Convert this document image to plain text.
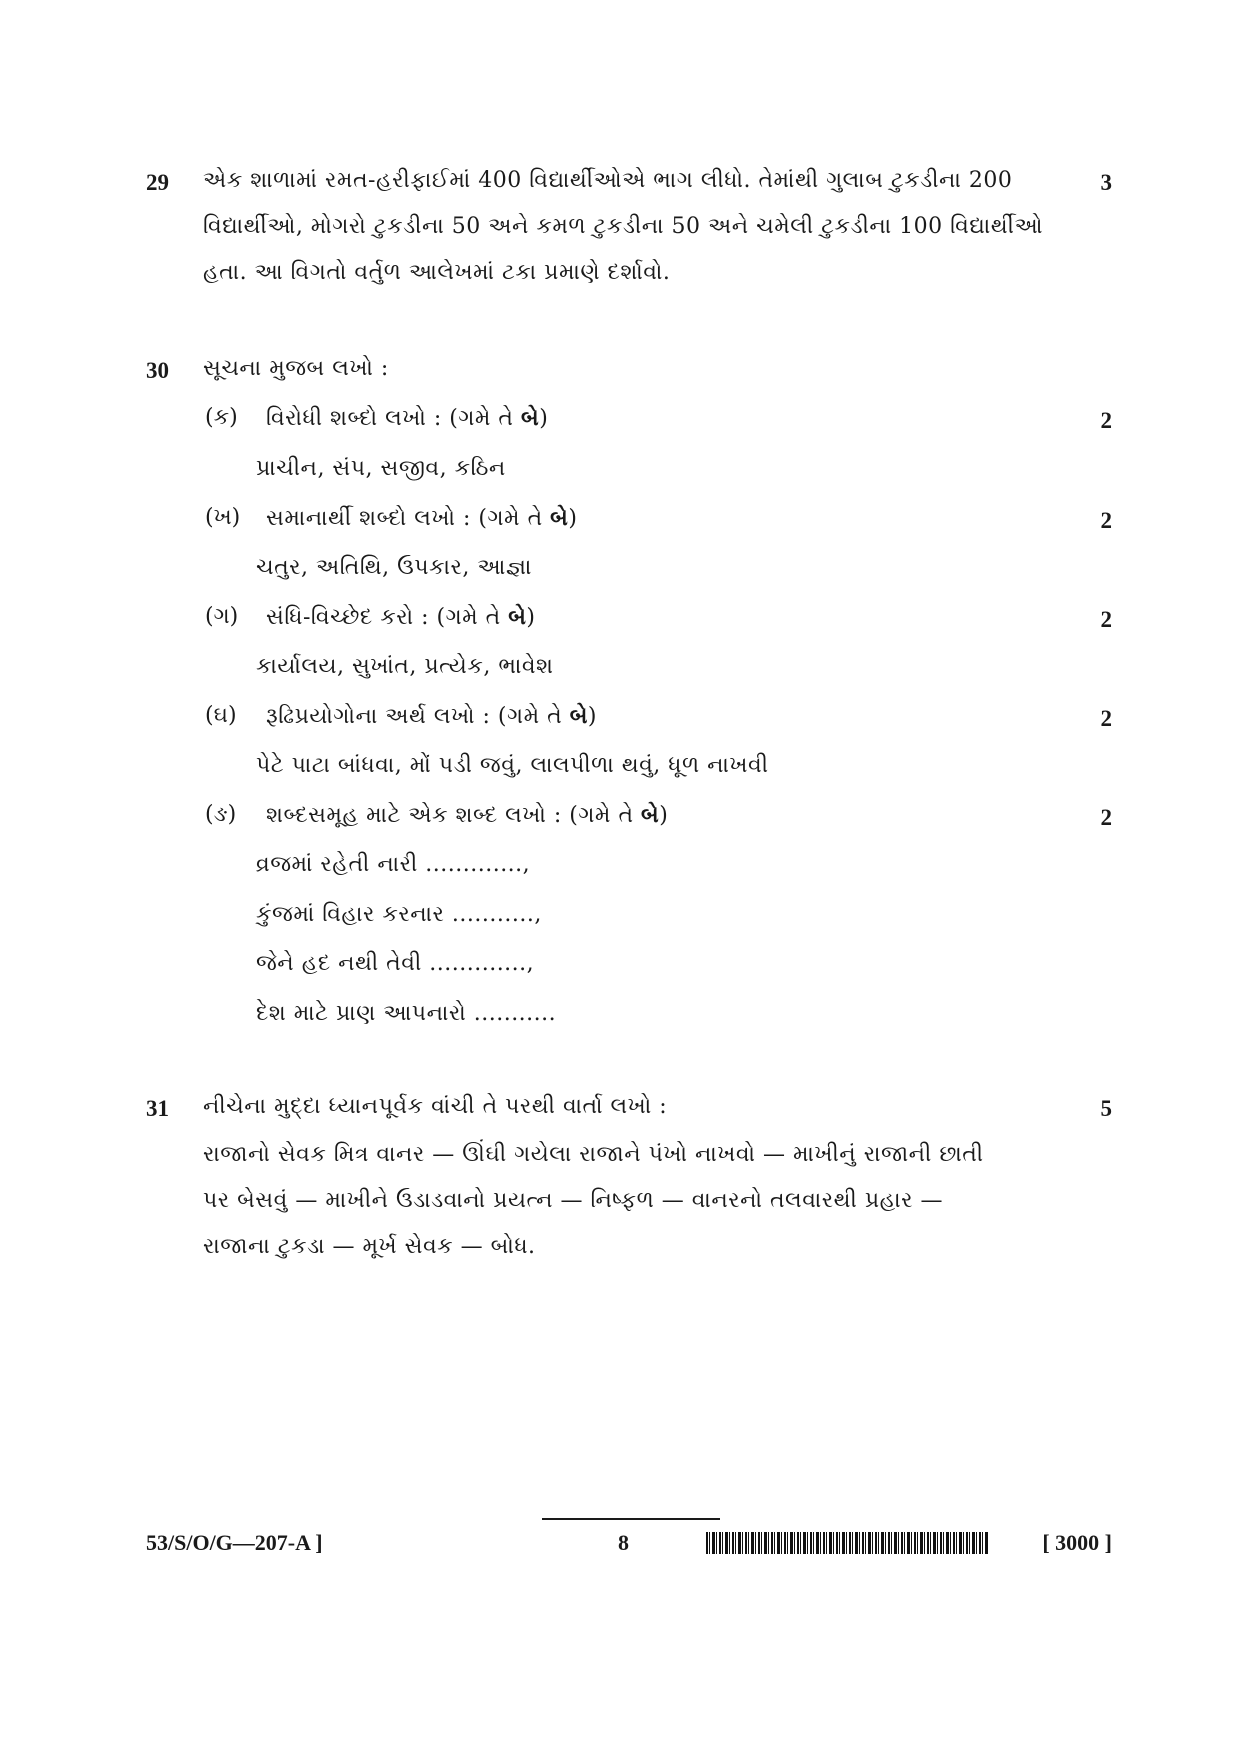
29 એક શાળામાં રમત-હરીફાઈમાં 400 વિદ્યાર્થીઓએ ભાગ લીધો. તેમાંથી ગુલાબ ટુકડીના 200	3
વિદ્યાર્થીઓ, મોગરો ટુકડીના 50 અને કમળ ટુકડીના 50 અને ચમેલી ટુકડીના 100 વિદ્યાર્થીઓ
હતા. આ વિગતો વર્તુળ આલેખમાં ટકા પ્રમાણે દર્શાવો.
30 સૂચના મુજબ લખો :
(ક) વિરોધી શબ્દો લખો : (ગમે તે બે)	2
પ્રાચીન, સંપ, સજીવ, કઠિન
(ખ) સમાનાર્થી શબ્દો લખો : (ગમે તે બે)	2
ચતુર, અતિથિ, ઉપકાર, આજ્ઞા
(ગ) સંધિ-વિચ્છેદ કરો : (ગમે તે બે)	2
કાર્યાલય, સુખાંત, પ્રત્યેક, ભાવેશ
(ઘ) રૂઢિપ્રયોગોના અર્થ લખો : (ગમે તે બે)	2
પેટે પાટા બાંધવા, મોં પડી જવું, લાલપીળા થવું, ધૂળ નાખવી
(ઙ) શબ્દસમૂહ માટે એક શબ્દ લખો : (ગમે તે બે)	2
વ્રજમાં રહેતી નારી .............,
કુંજમાં વિહાર કરનાર ...........,
જેને હદ નથી તેવી .............,
દેશ માટે પ્રાણ આપનારો ...........
31 નીચેના મુદ્દા ધ્યાનપૂર્વક વાંચી તે પરથી વાર્તા લખો :	5
રાજાનો સેવક મિત્ર વાનર — ઊંઘી ગયેલા રાજાને પંખો નાખવો — માખીનું રાજાની છાતી
પર બેસવું — માખીને ઉડાડવાનો પ્રયત્ન — નિષ્ફળ — વાનરનો તલવારથી પ્રહાર —
રાજાના ટુકડા — મૂર્ખ સેવક — બોધ.
53/S/O/G—207-A ]	8	[ 3000 ]
